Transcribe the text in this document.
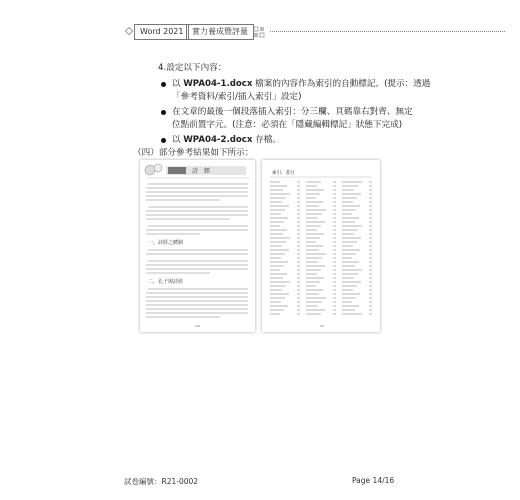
Word 2021	實力養成暨評量
4.設定以下內容：
以 WPA04-1.docx 檔案的內容作為索引的自動標記。(提示：透過
「參考資料/索引/插入索引」設定)
在文章的最後一個段落插入索引：分三欄、頁碼靠右對齊、無定
位點前置字元。(注意：必須在「隱藏編輯標記」狀態下完成)
以 WPA04-2.docx 存檔。
（四）部分參考結果如下所示：
詩　經
一、詩經之體制
二、孔子與詩經
索引．書目
試卷編號：R21-0002	Page 14/16
